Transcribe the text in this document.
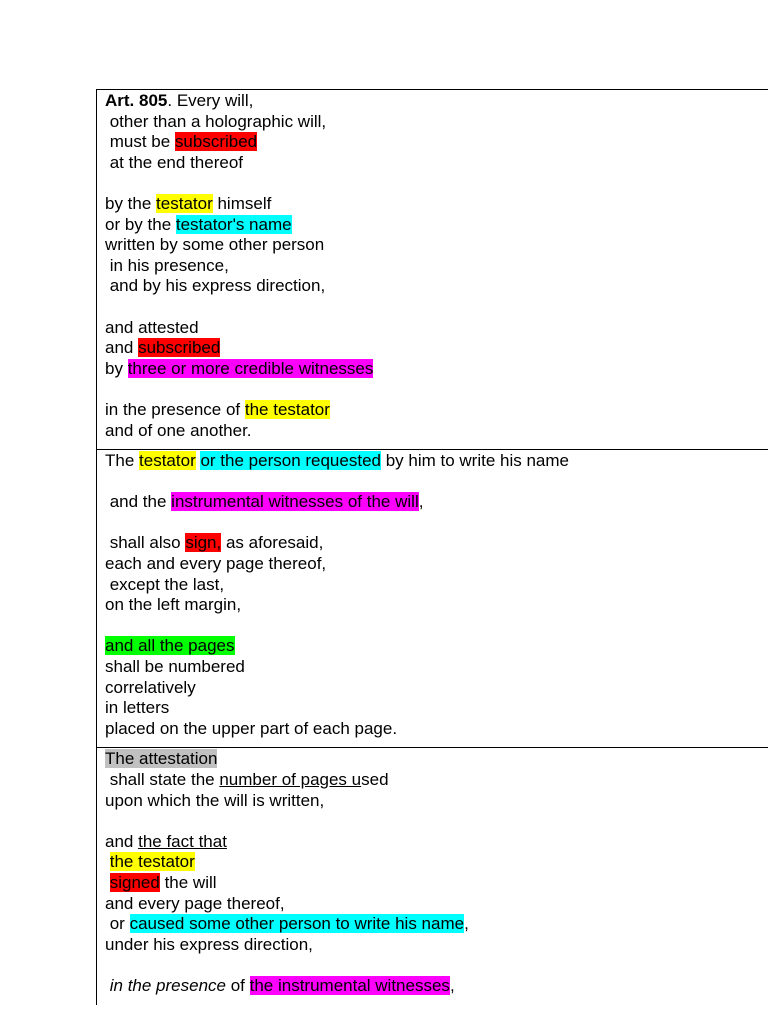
Art. 805. Every will,
other than a holographic will,
must be subscribed
at the end thereof
by the testator himself
or by the testator's name
written by some other person
in his presence,
and by his express direction,
and attested
and subscribed
by three or more credible witnesses
in the presence of the testator
and of one another.
The testator or the person requested by him to write his name
and the instrumental witnesses of the will,
shall also sign, as aforesaid,
each and every page thereof,
except the last,
on the left margin,
and all the pages
shall be numbered
correlatively
in letters
placed on the upper part of each page.
The attestation
shall state the number of pages used
upon which the will is written,
and the fact that
the testator
signed the will
and every page thereof,
or caused some other person to write his name,
under his express direction,
in the presence of the instrumental witnesses,
